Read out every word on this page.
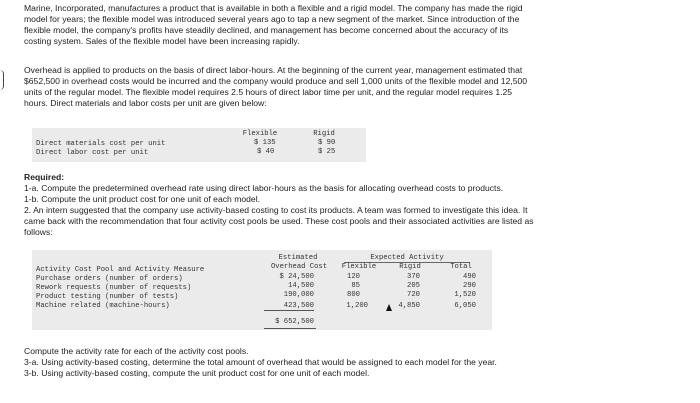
Marine, Incorporated, manufactures a product that is available in both a flexible and a rigid model. The company has made the rigid
model for years; the flexible model was introduced several years ago to tap a new segment of the market. Since introduction of the
flexible model, the company's profits have steadily declined, and management has become concerned about the accuracy of its
costing system. Sales of the flexible model have been increasing rapidly.
Overhead is applied to products on the basis of direct labor-hours. At the beginning of the current year, management estimated that
$652,500 in overhead costs would be incurred and the company would produce and sell 1,000 units of the flexible model and 12,500
units of the regular model. The flexible model requires 2.5 hours of direct labor time per unit, and the regular model requires 1.25
hours. Direct materials and labor costs per unit are given below:
Flexible	Rigid
Direct materials cost per unit	$ 135	$ 90
Direct labor cost per unit	$ 40	$ 25
Required:
1-a. Compute the predetermined overhead rate using direct labor-hours as the basis for allocating overhead costs to products.
1-b. Compute the unit product cost for one unit of each model.
2. An intern suggested that the company use activity-based costing to cost its products. A team was formed to investigate this idea. It
came back with the recommendation that four activity cost pools be used. These cost pools and their associated activities are listed as
follows:
Estimated	Expected Activity
Activity Cost Pool and Activity Measure	Overhead Cost	Flexible	Rigid	Total
Purchase orders (number of orders)	$ 24,500	120	370	490
Rework requests (number of requests)	14,500	85	205	290
Product testing (number of tests)	190,000	800	720	1,520
Machine related (machine-hours)	423,500	1,200	4,850	6,050
$ 652,500
Compute the activity rate for each of the activity cost pools.
3-a. Using activity-based costing, determine the total amount of overhead that would be assigned to each model for the year.
3-b. Using activity-based costing, compute the unit product cost for one unit of each model.
